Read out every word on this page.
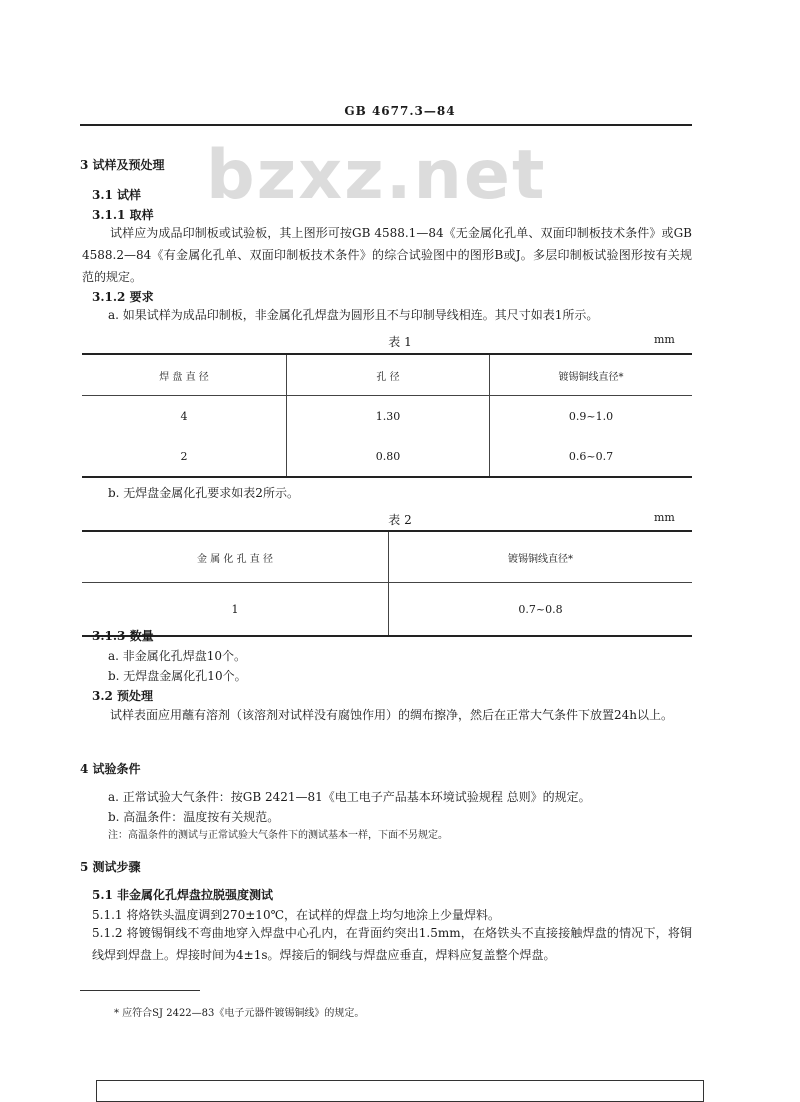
GB 4677.3—84
bzxz.net
3 试样及预处理
3.1 试样
3.1.1 取样
试样应为成品印制板或试验板，其上图形可按GB 4588.1—84《无金属化孔单、双面印制板技术条件》或GB 4588.2—84《有金属化孔单、双面印制板技术条件》的综合试验图中的图形B或J。多层印制板试验图形按有关规范的规定。
3.1.2 要求
a. 如果试样为成品印制板，非金属化孔焊盘为圆形且不与印制导线相连。其尺寸如表1所示。
表 1	mm
焊 盘 直 径	孔 径	镀锡铜线直径*
4	1.30	0.9~1.0
2	0.80	0.6~0.7
b. 无焊盘金属化孔要求如表2所示。
表 2	mm
金 属 化 孔 直 径	镀锡铜线直径*
1	0.7~0.8
3.1.3 数量
a. 非金属化孔焊盘10个。
b. 无焊盘金属化孔10个。
3.2 预处理
试样表面应用蘸有溶剂（该溶剂对试样没有腐蚀作用）的绸布擦净，然后在正常大气条件下放置24h以上。
4 试验条件
a. 正常试验大气条件：按GB 2421—81《电工电子产品基本环境试验规程 总则》的规定。
b. 高温条件：温度按有关规范。
注：高温条件的测试与正常试验大气条件下的测试基本一样，下面不另规定。
5 测试步骤
5.1 非金属化孔焊盘拉脱强度测试
5.1.1 将烙铁头温度调到270±10℃，在试样的焊盘上均匀地涂上少量焊料。
5.1.2 将镀锡铜线不弯曲地穿入焊盘中心孔内，在背面约突出1.5mm，在烙铁头不直接接触焊盘的情况下，将铜线焊到焊盘上。焊接时间为4±1s。焊接后的铜线与焊盘应垂直，焊料应复盖整个焊盘。
* 应符合SJ 2422—83《电子元器件镀锡铜线》的规定。
